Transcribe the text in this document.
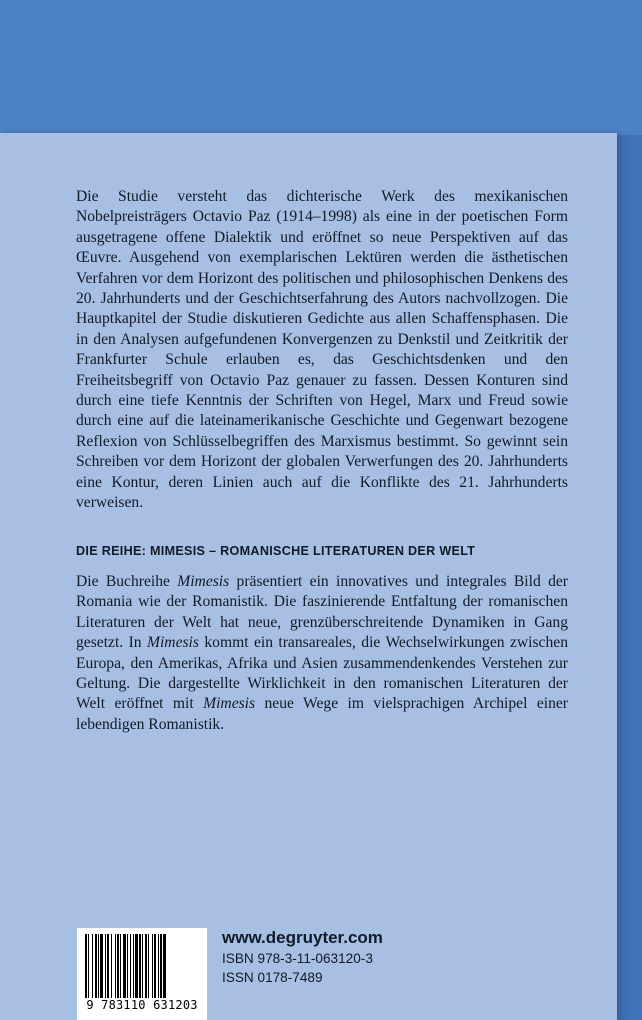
Die Studie versteht das dichterische Werk des mexikanischen Nobelpreisträgers Octavio Paz (1914–1998) als eine in der poetischen Form ausgetragene offene Dialektik und eröffnet so neue Perspektiven auf das Œuvre. Ausgehend von exemplarischen Lektüren werden die ästhetischen Verfahren vor dem Horizont des politischen und philosophischen Denkens des 20. Jahrhunderts und der Geschichtserfahrung des Autors nachvollzogen. Die Hauptkapitel der Studie diskutieren Gedichte aus allen Schaffensphasen. Die in den Analysen aufgefundenen Konvergenzen zu Denkstil und Zeitkritik der Frankfurter Schule erlauben es, das Geschichtsdenken und den Freiheitsbegriff von Octavio Paz genauer zu fassen. Dessen Konturen sind durch eine tiefe Kenntnis der Schriften von Hegel, Marx und Freud sowie durch eine auf die lateinamerikanische Geschichte und Gegenwart bezogene Reflexion von Schlüsselbegriffen des Marxismus bestimmt. So gewinnt sein Schreiben vor dem Horizont der globalen Verwerfungen des 20. Jahrhunderts eine Kontur, deren Linien auch auf die Konflikte des 21. Jahrhunderts verweisen.

DIE REIHE: MIMESIS – ROMANISCHE LITERATUREN DER WELT

Die Buchreihe Mimesis präsentiert ein innovatives und integrales Bild der Romania wie der Romanistik. Die faszinierende Entfaltung der romanischen Literaturen der Welt hat neue, grenzüberschreitende Dynamiken in Gang gesetzt. In Mimesis kommt ein transareales, die Wechselwirkungen zwischen Europa, den Amerikas, Afrika und Asien zusammendenkendes Verstehen zur Geltung. Die dargestellte Wirklichkeit in den romanischen Literaturen der Welt eröffnet mit Mimesis neue Wege im vielsprachigen Archipel einer lebendigen Romanistik.

9 783110 631203
www.degruyter.com
ISBN 978-3-11-063120-3
ISSN 0178-7489
